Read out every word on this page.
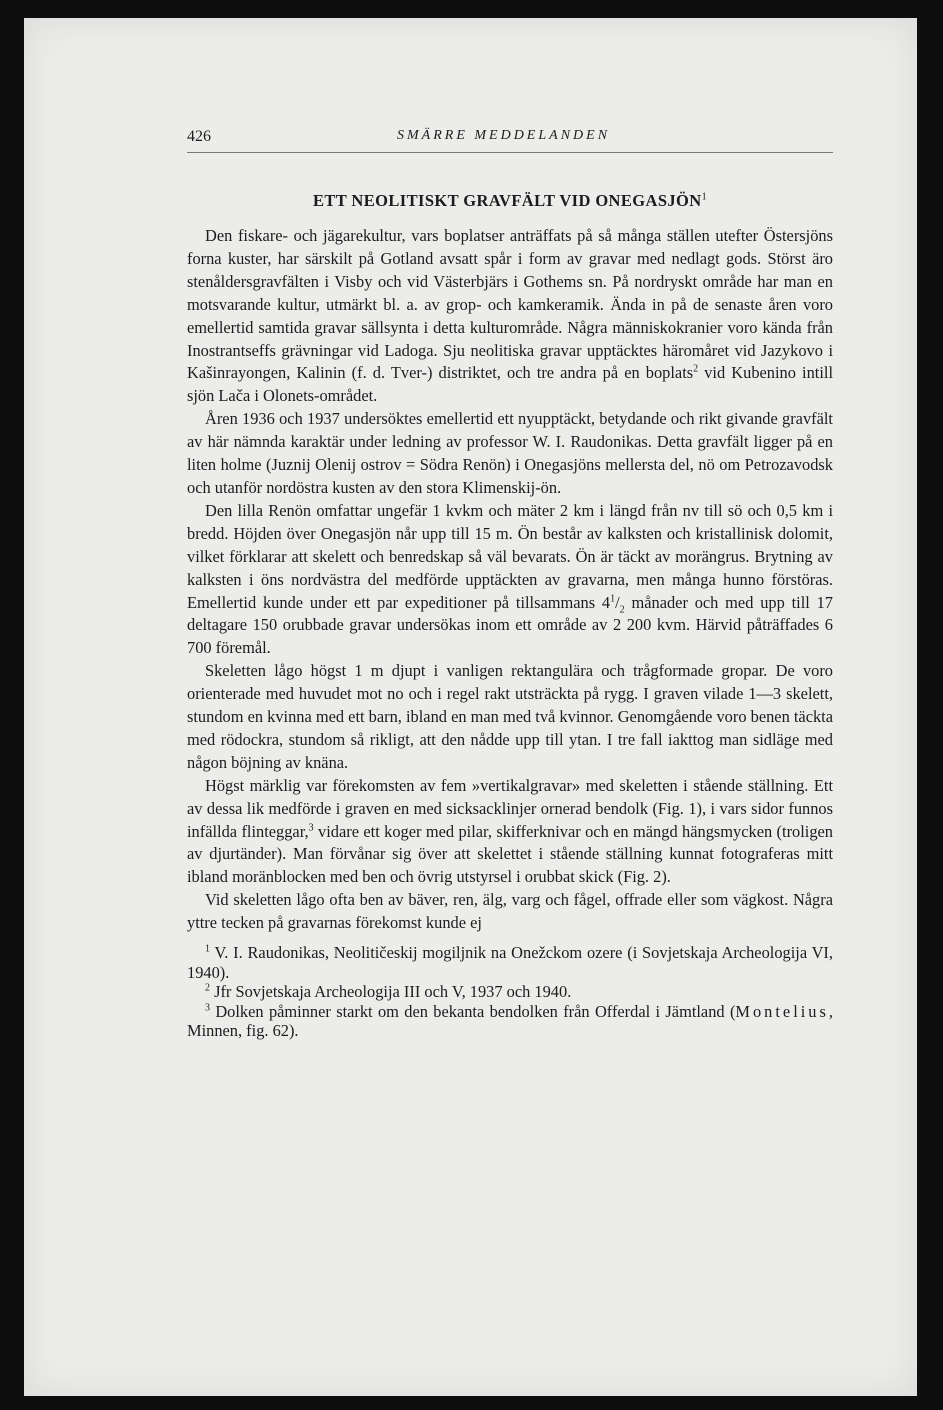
426	SMÄRRE MEDDELANDEN
ETT NEOLITISKT GRAVFÄLT VID ONEGASJÖN$^1$

Den fiskare- och jägarekultur, vars boplatser anträffats på så många ställen utefter Östersjöns forna kuster, har särskilt på Gotland avsatt spår i form av gravar med nedlagt gods. Störst äro stenåldersgravfälten i Visby och vid Västerbjärs i Gothems sn. På nordryskt område har man en motsvarande kultur, utmärkt bl. a. av grop- och kamkeramik. Ända in på de senaste åren voro emellertid samtida gravar sällsynta i detta kulturområde. Några människokranier voro kända från Inostrantseffs grävningar vid Ladoga. Sju neolitiska gravar upptäcktes häromåret vid Jazykovo i Kašinrayongen, Kalinin (f. d. Tver-) distriktet, och tre andra på en boplats$^2$ vid Kubenino intill sjön Lača i Olonets-området.

Åren 1936 och 1937 undersöktes emellertid ett nyupptäckt, betydande och rikt givande gravfält av här nämnda karaktär under ledning av professor W. I. Raudonikas. Detta gravfält ligger på en liten holme (Juznij Olenij ostrov = Södra Renön) i Onegasjöns mellersta del, nö om Petrozavodsk och utanför nordöstra kusten av den stora Klimenskij-ön.

Den lilla Renön omfattar ungefär 1 kvkm och mäter 2 km i längd från nv till sö och 0,5 km i bredd. Höjden över Onegasjön når upp till 15 m. Ön består av kalksten och kristallinisk dolomit, vilket förklarar att skelett och benredskap så väl bevarats. Ön är täckt av morängrus. Brytning av kalksten i öns nordvästra del medförde upptäckten av gravarna, men många hunno förstöras. Emellertid kunde under ett par expeditioner på tillsammans $4^1/_2$ månader och med upp till 17 deltagare 150 orubbade gravar undersökas inom ett område av 2 200 kvm. Härvid påträffades 6 700 föremål.

Skeletten lågo högst 1 m djupt i vanligen rektangulära och trågformade gropar. De voro orienterade med huvudet mot no och i regel rakt utsträckta på rygg. I graven vilade 1—3 skelett, stundom en kvinna med ett barn, ibland en man med två kvinnor. Genomgående voro benen täckta med rödockra, stundom så rikligt, att den nådde upp till ytan. I tre fall iakttog man sidläge med någon böjning av knäna.

Högst märklig var förekomsten av fem »vertikalgravar» med skeletten i stående ställning. Ett av dessa lik medförde i graven en med sicksacklinjer ornerad bendolk (Fig. 1), i vars sidor funnos infällda flintеggar,$^3$ vidare ett koger med pilar, skifferknivar och en mängd hängsmycken (troligen av djurtänder). Man förvånar sig över att skelettet i stående ställning kunnat fotograferas mitt ibland moränblocken med ben och övrig utstyrsel i orubbat skick (Fig. 2).

Vid skeletten lågo ofta ben av bäver, ren, älg, varg och fågel, offrade eller som vägkost. Några yttre tecken på gravarnas förekomst kunde ej

$^1$ V. I. Raudonikas, Neolitičeskij mogiljnik na Onežckom ozere (i Sovjetskaja Archeologija VI, 1940).

$^2$ Jfr Sovjetskaja Archeologija III och V, 1937 och 1940.

$^3$ Dolken påminner starkt om den bekanta bendolken från Offerdal i Jämtland (Montelius, Minnen, fig. 62).
